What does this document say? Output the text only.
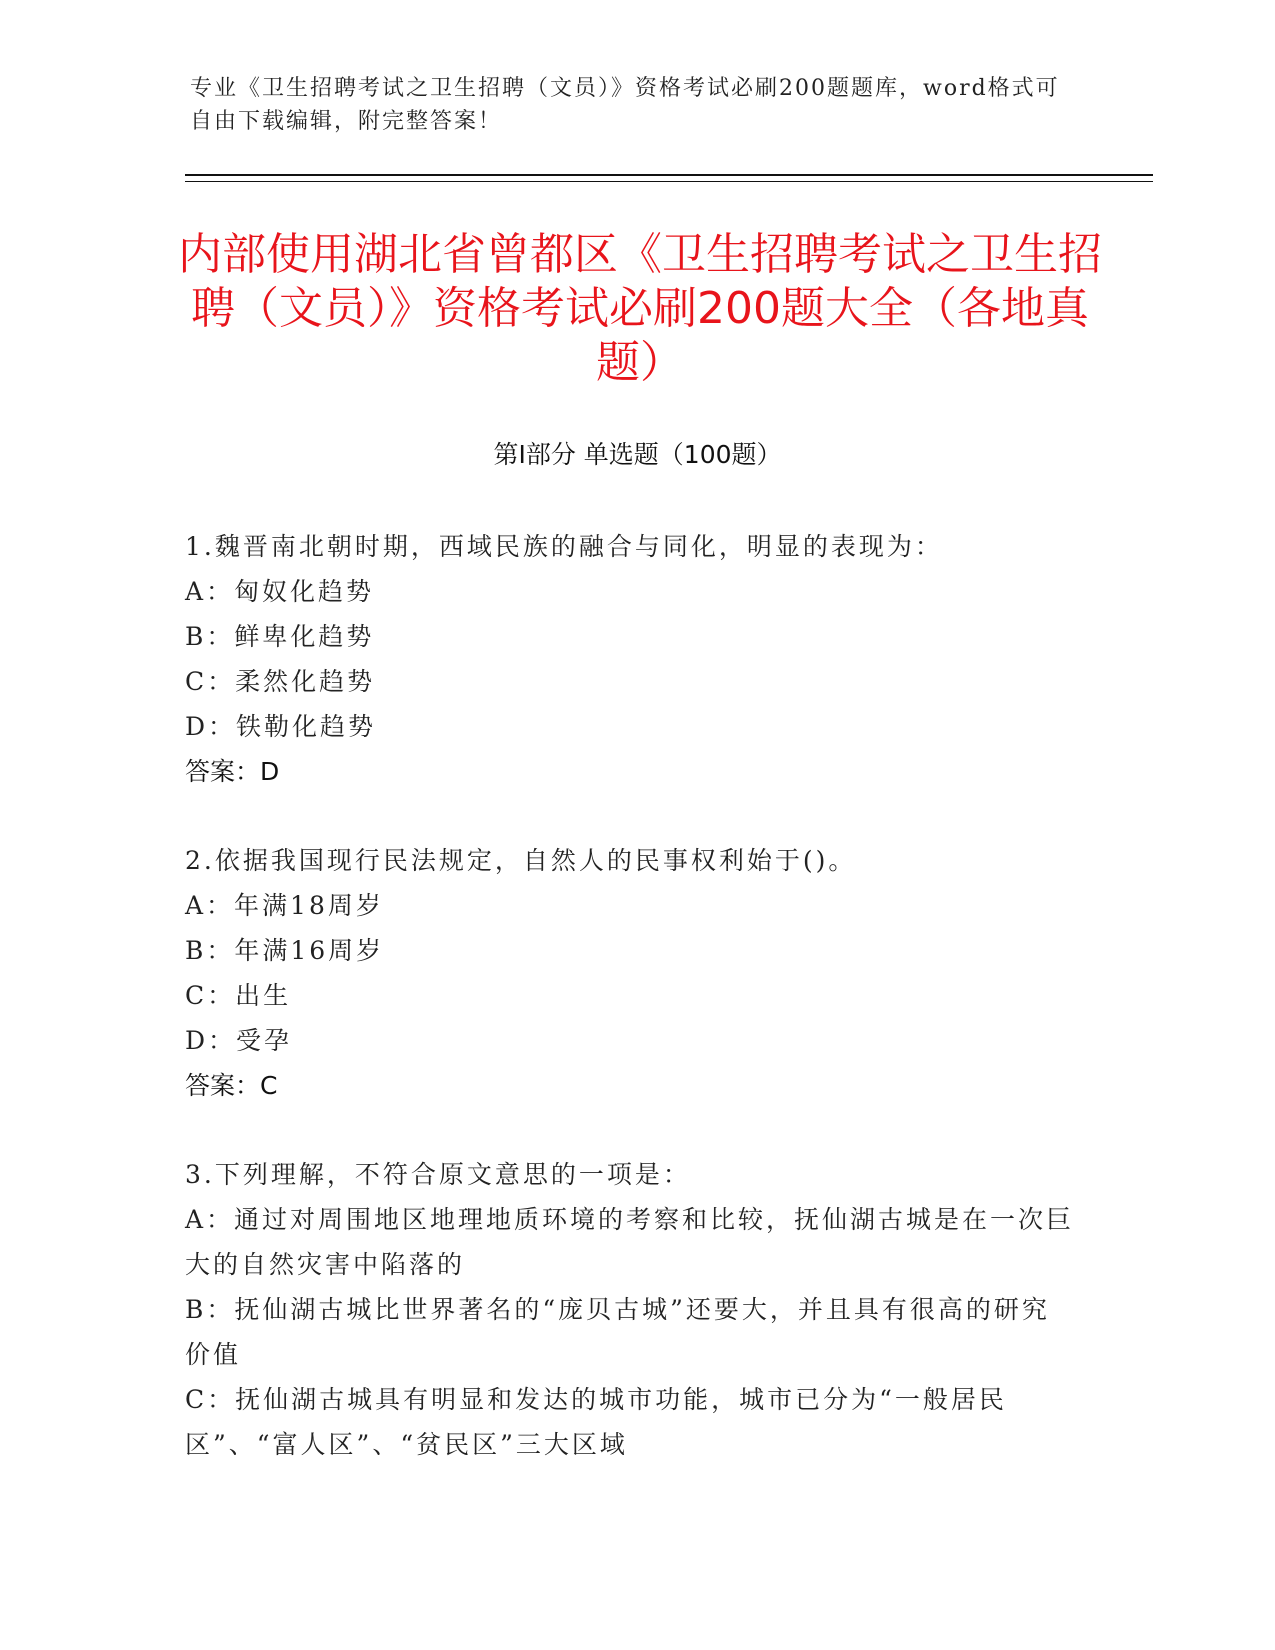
专业《卫生招聘考试之卫生招聘（文员）》资格考试必刷200题题库，word格式可自由下载编辑，附完整答案！
内部使用湖北省曾都区《卫生招聘考试之卫生招聘（文员）》资格考试必刷200题大全（各地真题）
第Ⅰ部分 单选题（100题）

1.魏晋南北朝时期，西域民族的融合与同化，明显的表现为：

A：匈奴化趋势

B：鲜卑化趋势

C：柔然化趋势

D：铁勒化趋势

答案：D

2.依据我国现行民法规定，自然人的民事权利始于()。

A：年满18周岁

B：年满16周岁

C：出生

D：受孕

答案：C

3.下列理解，不符合原文意思的一项是：

A：通过对周围地区地理地质环境的考察和比较，抚仙湖古城是在一次巨大的自然灾害中陷落的

B：抚仙湖古城比世界著名的“庞贝古城”还要大，并且具有很高的研究价值

C：抚仙湖古城具有明显和发达的城市功能，城市已分为“一般居民区”、“富人区”、“贫民区”三大区域
